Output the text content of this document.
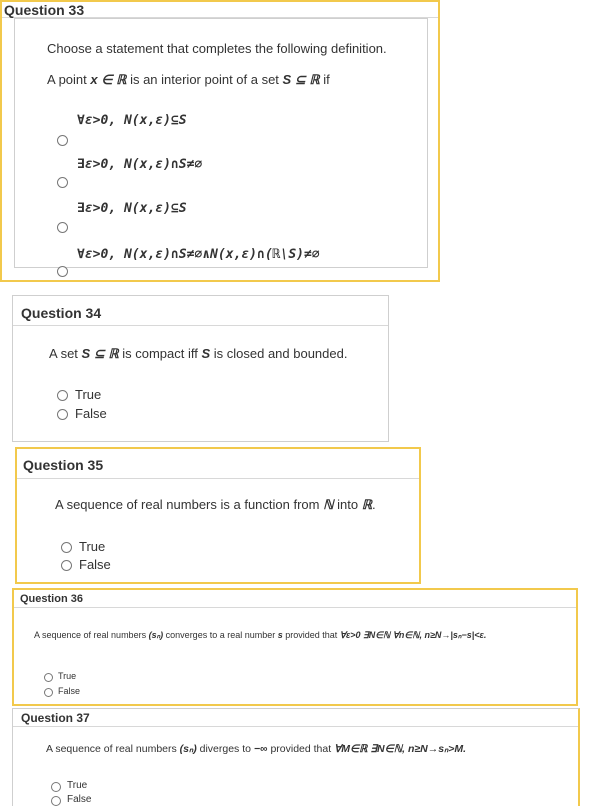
Question 33
Choose a statement that completes the following definition.
A point x ∈ ℝ is an interior point of a set S ⊆ ℝ if
∀ε>0, N(x,ε)⊆S
∃ε>0, N(x,ε)∩S≠∅
∃ε>0, N(x,ε)⊆S
∀ε>0, N(x,ε)∩S≠∅∧N(x,ε)∩(ℝ\S)≠∅
Question 34
A set S ⊆ ℝ is compact iff S is closed and bounded.
True
False
Question 35
A sequence of real numbers is a function from ℕ into ℝ.
True
False
Question 36
A sequence of real numbers (sₙ) converges to a real number s provided that ∀ε>0 ∃N∈ℕ ∀n∈ℕ, n≥N→|sₙ−s|<ε.
True
False
Question 37
A sequence of real numbers (sₙ) diverges to −∞ provided that ∀M∈ℝ ∃N∈ℕ, n≥N→sₙ>M.
True
False
